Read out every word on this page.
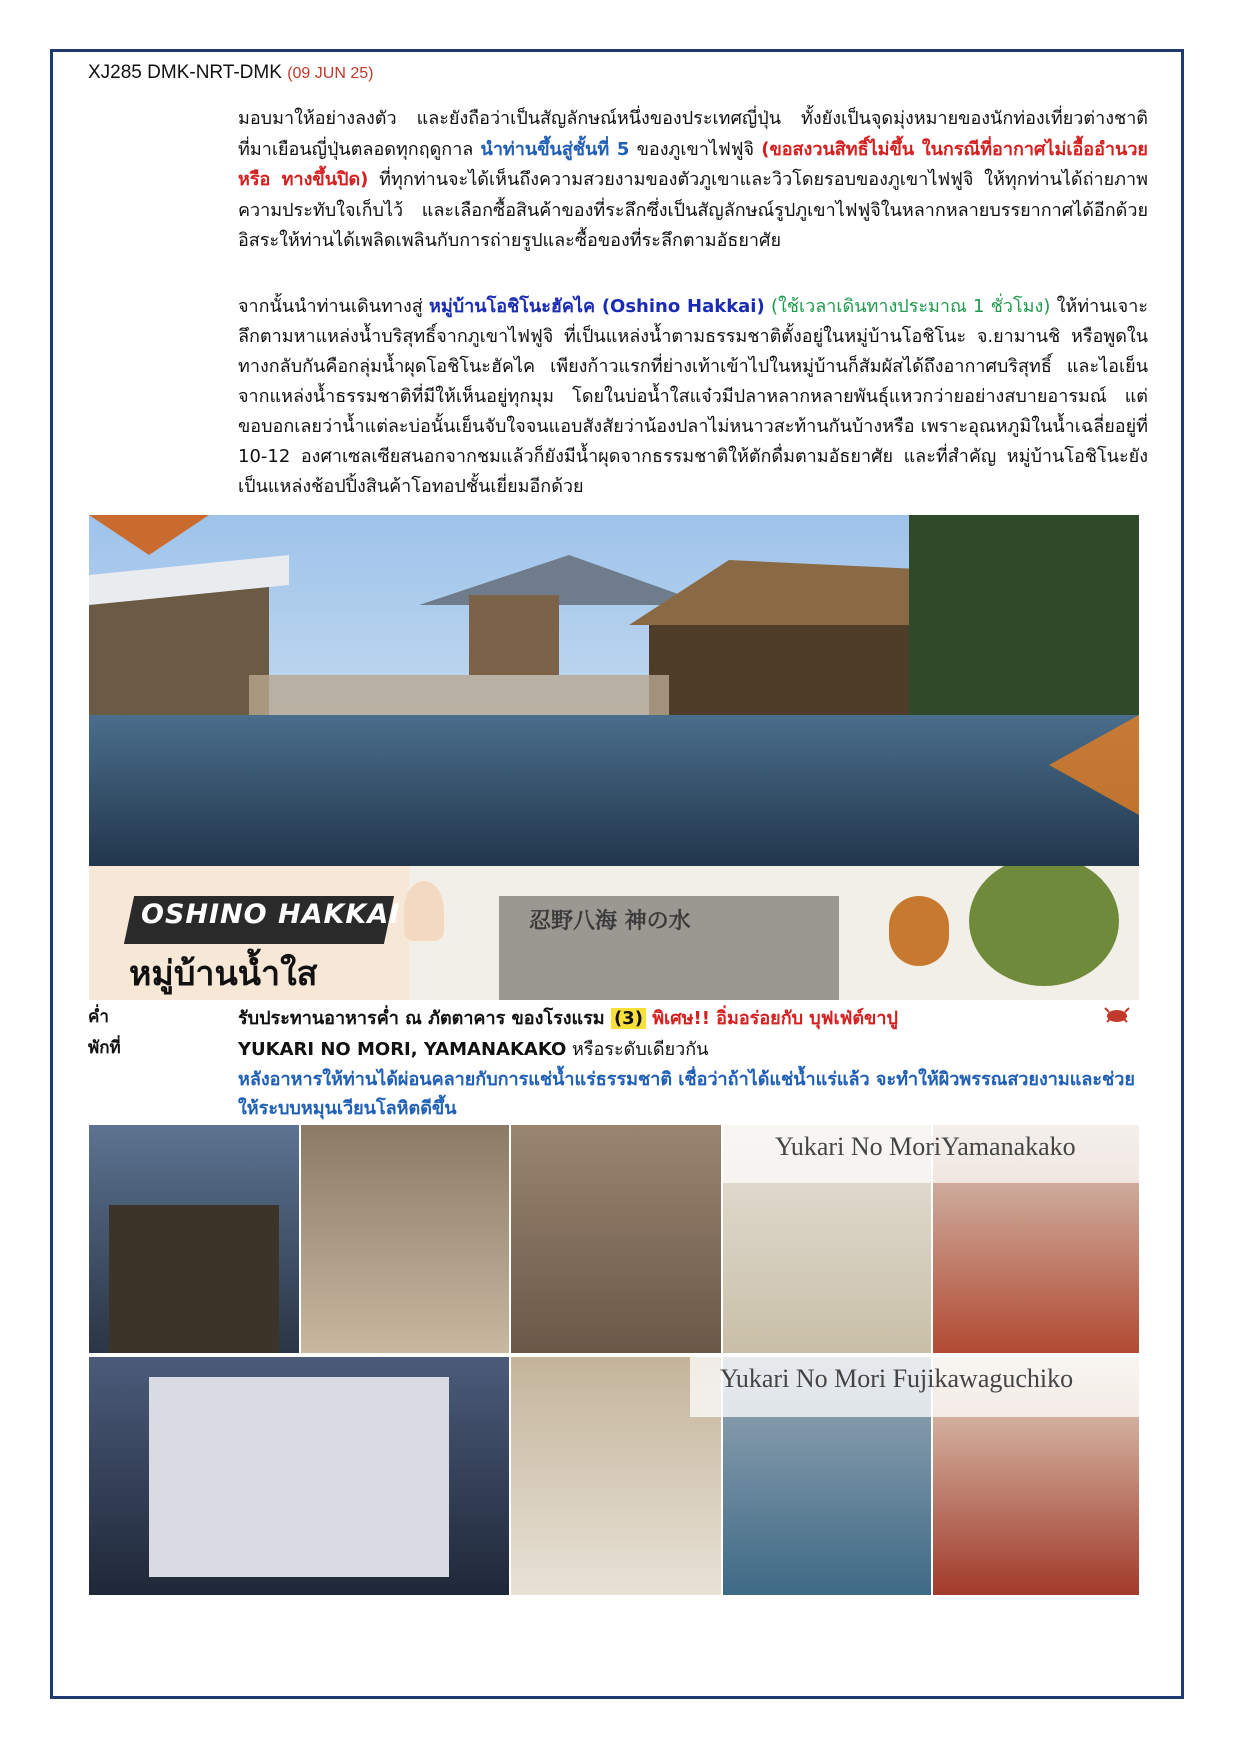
XJ285 DMK-NRT-DMK (09 JUN 25)
มอบมาให้อย่างลงตัว และยังถือว่าเป็นสัญลักษณ์หนึ่งของประเทศญี่ปุ่น ทั้งยังเป็นจุดมุ่งหมายของนักท่องเที่ยวต่างชาติที่มาเยือนญี่ปุ่นตลอดทุกฤดูกาล นำท่านขึ้นสู่ชั้นที่ 5 ของภูเขาไฟฟูจิ (ขอสงวนสิทธิ์ไม่ขึ้น ในกรณีที่อากาศไม่เอื้ออำนวย หรือ ทางขึ้นปิด) ที่ทุกท่านจะได้เห็นถึงความสวยงามของตัวภูเขาและวิวโดยรอบของภูเขาไฟฟูจิ ให้ทุกท่านได้ถ่ายภาพความประทับใจเก็บไว้ และเลือกซื้อสินค้าของที่ระลึกซึ่งเป็นสัญลักษณ์รูปภูเขาไฟฟูจิในหลากหลายบรรยากาศได้อีกด้วย อิสระให้ท่านได้เพลิดเพลินกับการถ่ายรูปและซื้อของที่ระลึกตามอัธยาศัย
จากนั้นนำท่านเดินทางสู่ หมู่บ้านโอชิโนะฮัคไค (Oshino Hakkai) (ใช้เวลาเดินทางประมาณ 1 ชั่วโมง) ให้ท่านเจาะลึกตามหาแหล่งน้ำบริสุทธิ์จากภูเขาไฟฟูจิ ที่เป็นแหล่งน้ำตามธรรมชาติตั้งอยู่ในหมู่บ้านโอชิโนะ จ.ยามานชิ หรือพูดในทางกลับกันคือกลุ่มน้ำผุดโอชิโนะฮัคไค เพียงก้าวแรกที่ย่างเท้าเข้าไปในหมู่บ้านก็สัมผัสได้ถึงอากาศบริสุทธิ์ และไอเย็นจากแหล่งน้ำธรรมชาติที่มีให้เห็นอยู่ทุกมุม โดยในบ่อน้ำใสแจ๋วมีปลาหลากหลายพันธุ์แหวกว่ายอย่างสบายอารมณ์ แต่ขอบอกเลยว่าน้ำแต่ละบ่อนั้นเย็นจับใจจนแอบสังสัยว่าน้องปลาไม่หนาวสะท้านกันบ้างหรือ เพราะอุณหภูมิในน้ำเฉลี่ยอยู่ที่ 10-12 องศาเซลเซียสนอกจากชมแล้วก็ยังมีน้ำผุดจากธรรมชาติให้ตักดื่มตามอัธยาศัย และที่สำคัญ หมู่บ้านโอชิโนะยังเป็นแหล่งช้อปปิ้งสินค้าโอทอปชั้นเยี่ยมอีกด้วย
OSHINO HAKKAI
หมู่บ้านน้ำใส
忍野八海 神の水
ค่ำ	รับประทานอาหารค่ำ ณ ภัตตาคาร ของโรงแรม (3) พิเศษ!! อิ่มอร่อยกับ บุฟเฟ่ต์ขาปู
พักที่	YUKARI NO MORI, YAMANAKAKO หรือระดับเดียวกัน
หลังอาหารให้ท่านได้ผ่อนคลายกับการแช่น้ำแร่ธรรมชาติ เชื่อว่าถ้าได้แช่น้ำแร่แล้ว จะทำให้ผิวพรรณสวยงามและช่วยให้ระบบหมุนเวียนโลหิตดีขึ้น
Yukari No MoriYamanakako
Yukari No Mori Fujikawaguchiko
